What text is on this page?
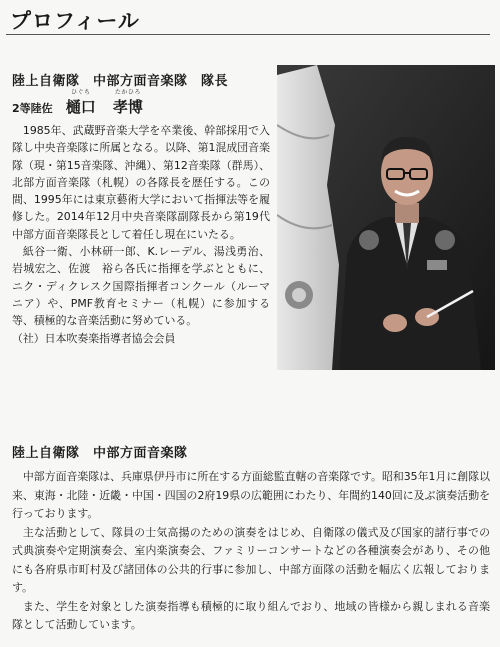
プロフィール
陸上自衛隊　中部方面音楽隊　隊長
2等陸佐
ひぐち
樋口
たかひろ
孝博

1985年、武蔵野音楽大学を卒業後、幹部採用で入隊し中央音楽隊に所属となる。以降、第1混成団音楽隊（現・第15音楽隊、沖縄）、第12音楽隊（群馬）、北部方面音楽隊（札幌）の各隊長を歴任する。この間、1995年には東京藝術大学において指揮法等を履修した。2014年12月中央音楽隊副隊長から第19代中部方面音楽隊長として着任し現在にいたる。

紙谷一衛、小林研一郎、K.レーデル、湯浅勇治、岩城宏之、佐渡　裕ら各氏に指揮を学ぶとともに、ニク・ディクレスク国際指揮者コンクール（ルーマニア）や、PMF教育セミナー（札幌）に参加する等、積極的な音楽活動に努めている。

（社）日本吹奏楽指導者協会会員

陸上自衛隊　中部方面音楽隊

中部方面音楽隊は、兵庫県伊丹市に所在する方面総監直轄の音楽隊です。昭和35年1月に創隊以来、東海・北陸・近畿・中国・四国の2府19県の広範囲にわたり、年間約140回に及ぶ演奏活動を行っております。

主な活動として、隊員の士気高揚のための演奏をはじめ、自衛隊の儀式及び国家的諸行事での式典演奏や定期演奏会、室内楽演奏会、ファミリーコンサートなどの各種演奏会があり、その他にも各府県市町村及び諸団体の公共的行事に参加し、中部方面隊の活動を幅広く広報しております。

また、学生を対象とした演奏指導も積極的に取り組んでおり、地域の皆様から親しまれる音楽隊として活動しています。
